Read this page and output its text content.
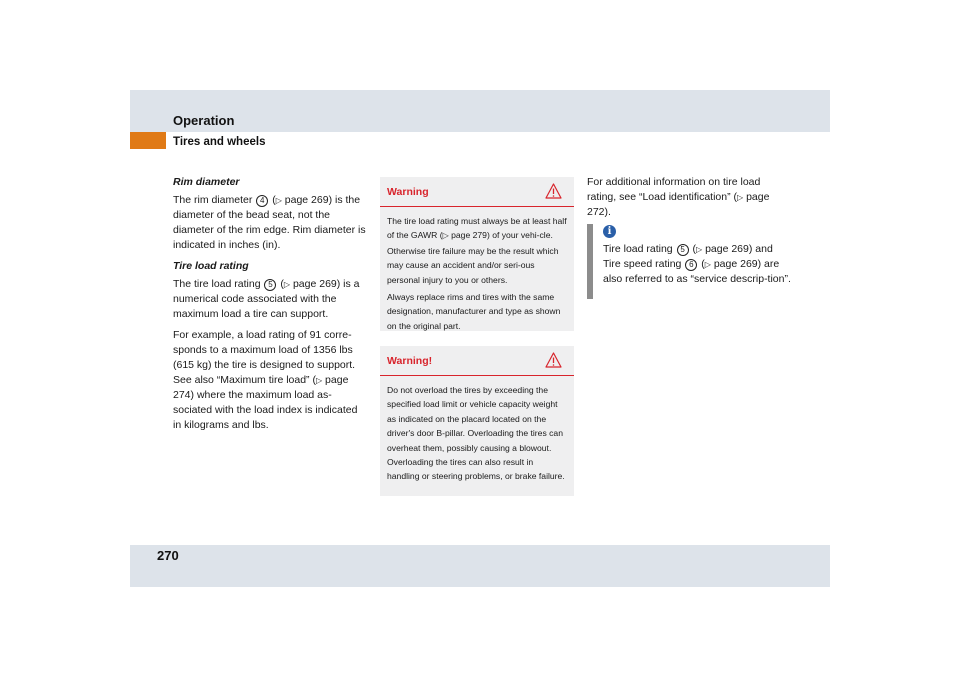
Operation
Tires and wheels

Rim diameter

The rim diameter 4 (▷ page 269) is the diameter of the bead seat, not the diameter of the rim edge. Rim diameter is indicated in inches (in).

Tire load rating

The tire load rating 5 (▷ page 269) is a numerical code associated with the maximum load a tire can support.

For example, a load rating of 91 corre-sponds to a maximum load of 1356 lbs (615 kg) the tire is designed to support. See also “Maximum tire load” (▷ page 274) where the maximum load as-sociated with the load index is indicated in kilograms and lbs.

Warning

The tire load rating must always be at least half of the GAWR (▷ page 279) of your vehi-cle. Otherwise tire failure may be the result which may cause an accident and/or seri-ous personal injury to you or others.

Always replace rims and tires with the same designation, manufacturer and type as shown on the original part.

Warning!

Do not overload the tires by exceeding the specified load limit or vehicle capacity weight as indicated on the placard located on the driver's door B-pillar. Overloading the tires can overheat them, possibly causing a blowout. Overloading the tires can also result in handling or steering problems, or brake failure.

For additional information on tire load rating, see “Load identification” (▷ page 272).

i
Tire load rating 5 (▷ page 269) and Tire speed rating 6 (▷ page 269) are also referred to as “service descrip-tion”.
270
